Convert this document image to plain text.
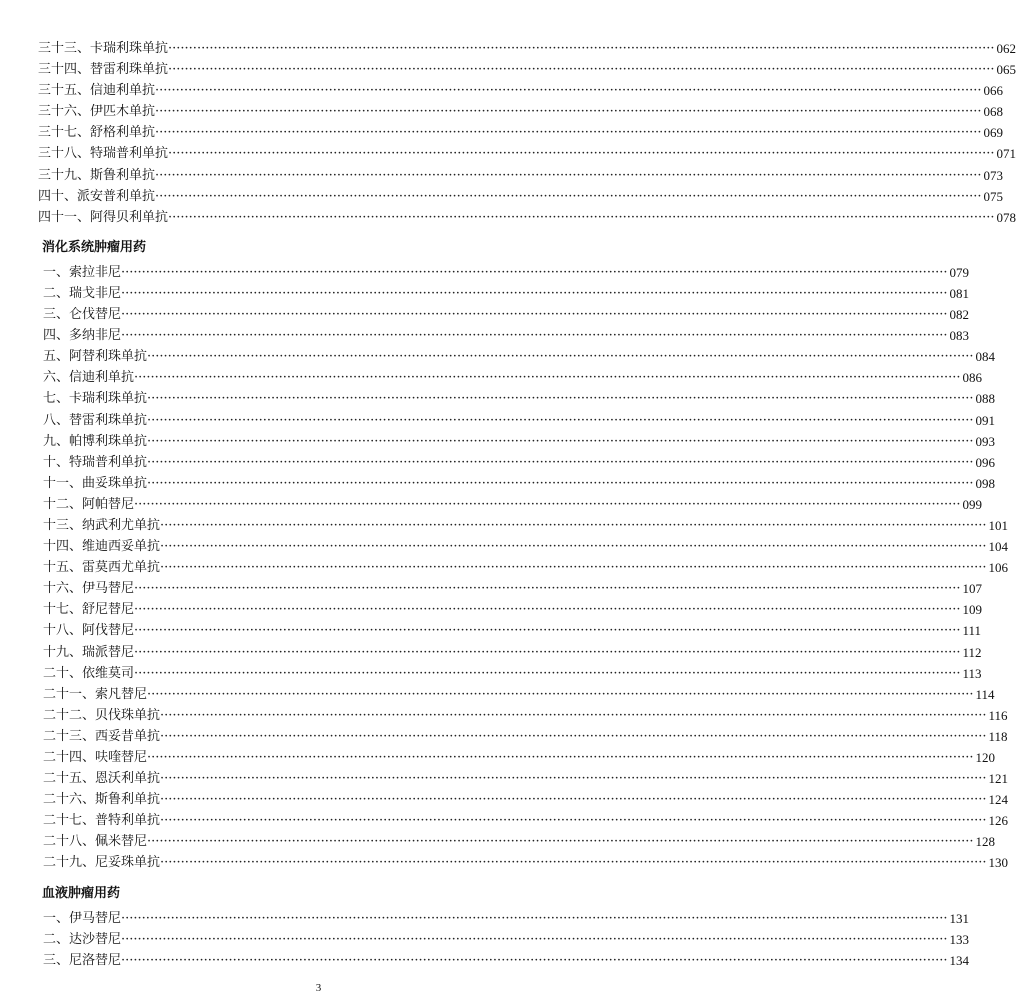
三十三、卡瑞利珠单抗 ········································································································································································································ 062
三十四、替雷利珠单抗 ········································································································································································································ 065
三十五、信迪利单抗 ········································································································································································································ 066
三十六、伊匹木单抗 ········································································································································································································ 068
三十七、舒格利单抗 ········································································································································································································ 069
三十八、特瑞普利单抗 ········································································································································································································ 071
三十九、斯鲁利单抗 ········································································································································································································ 073
四十、派安普利单抗 ········································································································································································································ 075
四十一、阿得贝利单抗 ········································································································································································································ 078
消化系统肿瘤用药
一、索拉非尼 ········································································································································································································ 079
二、瑞戈非尼 ········································································································································································································ 081
三、仑伐替尼 ········································································································································································································ 082
四、多纳非尼 ········································································································································································································ 083
五、阿替利珠单抗 ········································································································································································································ 084
六、信迪利单抗 ········································································································································································································ 086
七、卡瑞利珠单抗 ········································································································································································································ 088
八、替雷利珠单抗 ········································································································································································································ 091
九、帕博利珠单抗 ········································································································································································································ 093
十、特瑞普利单抗 ········································································································································································································ 096
十一、曲妥珠单抗 ········································································································································································································ 098
十二、阿帕替尼 ········································································································································································································ 099
十三、纳武利尤单抗 ········································································································································································································ 101
十四、维迪西妥单抗 ········································································································································································································ 104
十五、雷莫西尤单抗 ········································································································································································································ 106
十六、伊马替尼 ········································································································································································································ 107
十七、舒尼替尼 ········································································································································································································ 109
十八、阿伐替尼 ········································································································································································································ 111
十九、瑞派替尼 ········································································································································································································ 112
二十、依维莫司 ········································································································································································································ 113
二十一、索凡替尼 ········································································································································································································ 114
二十二、贝伐珠单抗 ········································································································································································································ 116
二十三、西妥昔单抗 ········································································································································································································ 118
二十四、呋喹替尼 ········································································································································································································ 120
二十五、恩沃利单抗 ········································································································································································································ 121
二十六、斯鲁利单抗 ········································································································································································································ 124
二十七、普特利单抗 ········································································································································································································ 126
二十八、佩米替尼 ········································································································································································································ 128
二十九、尼妥珠单抗 ········································································································································································································ 130
血液肿瘤用药
一、伊马替尼 ········································································································································································································ 131
二、达沙替尼 ········································································································································································································ 133
三、尼洛替尼 ········································································································································································································ 134
3
